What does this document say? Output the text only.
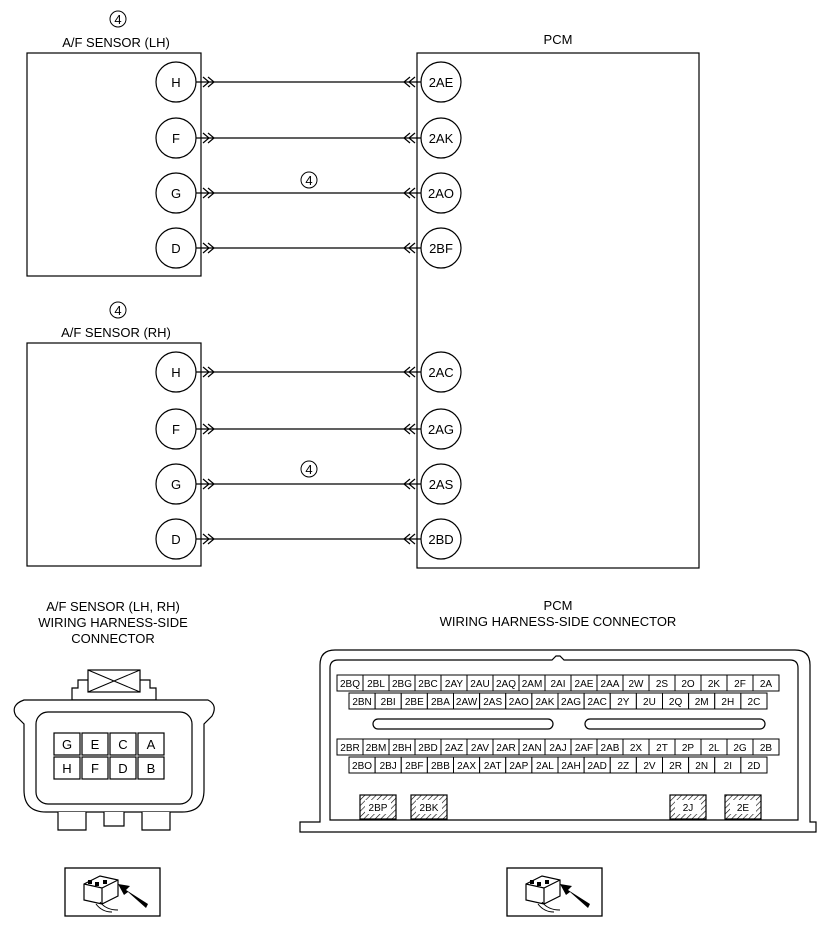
4
A/F SENSOR (LH)
4
A/F SENSOR (RH)
PCM
H	2AE
F	2AK
G	2AO
D	2BF
H	2AC
F	2AG
G	2AS
D	2BD
4
4
A/F SENSOR (LH, RH)
WIRING HARNESS-SIDE
CONNECTOR
G E C A
H F D B
PCM
WIRING HARNESS-SIDE CONNECTOR
2BQ 2BL 2BG 2BC 2AY 2AU 2AQ 2AM 2AI 2AE 2AA 2W 2S 2O 2K 2F 2A
2BN 2BI 2BE 2BA 2AW 2AS 2AO 2AK 2AG 2AC 2Y 2U 2Q 2M 2H 2C
2BR 2BM 2BH 2BD 2AZ 2AV 2AR 2AN 2AJ 2AF 2AB 2X 2T 2P 2L 2G 2B
2BO 2BJ 2BF 2BB 2AX 2AT 2AP 2AL 2AH 2AD 2Z 2V 2R 2N 2I 2D
2BP	2BK	2J	2E
